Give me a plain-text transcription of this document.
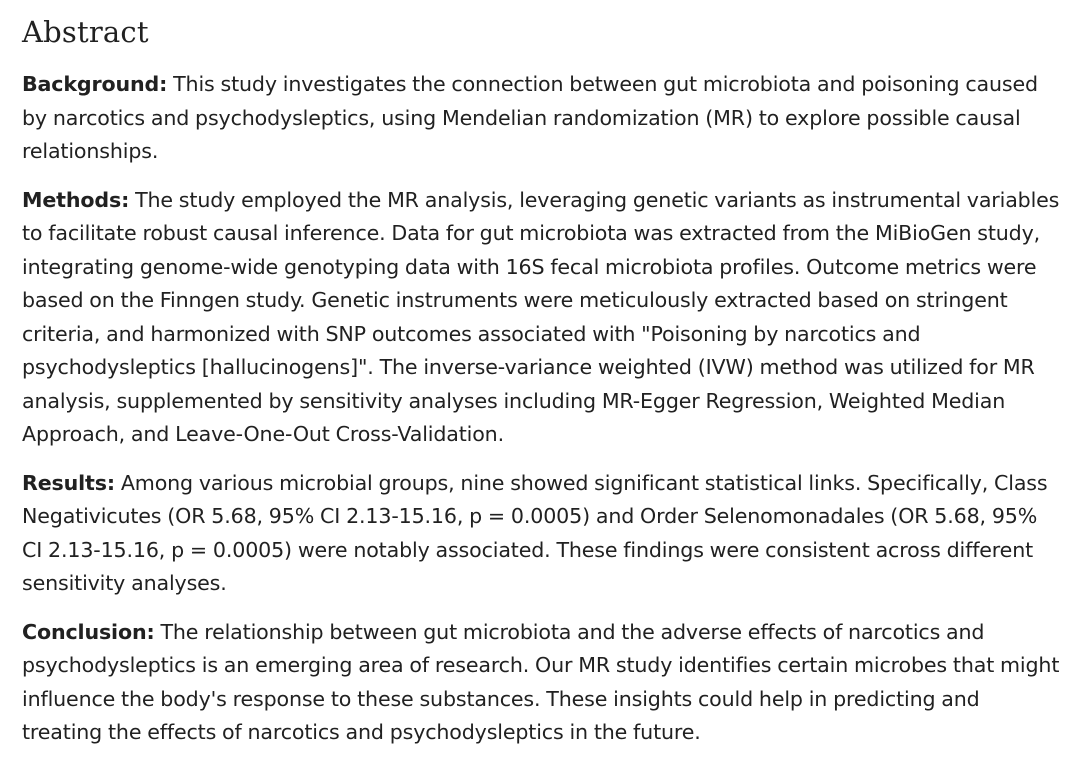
Abstract

Background: This study investigates the connection between gut microbiota and poisoning caused by narcotics and psychodysleptics, using Mendelian randomization (MR) to explore possible causal relationships.

Methods: The study employed the MR analysis, leveraging genetic variants as instrumental variables to facilitate robust causal inference. Data for gut microbiota was extracted from the MiBioGen study, integrating genome-wide genotyping data with 16S fecal microbiota profiles. Outcome metrics were based on the Finngen study. Genetic instruments were meticulously extracted based on stringent criteria, and harmonized with SNP outcomes associated with "Poisoning by narcotics and psychodysleptics [hallucinogens]". The inverse-variance weighted (IVW) method was utilized for MR analysis, supplemented by sensitivity analyses including MR-Egger Regression, Weighted Median Approach, and Leave-One-Out Cross-Validation.

Results: Among various microbial groups, nine showed significant statistical links. Specifically, Class Negativicutes (OR 5.68, 95% CI 2.13-15.16, p = 0.0005) and Order Selenomonadales (OR 5.68, 95% CI 2.13-15.16, p = 0.0005) were notably associated. These findings were consistent across different sensitivity analyses.

Conclusion: The relationship between gut microbiota and the adverse effects of narcotics and psychodysleptics is an emerging area of research. Our MR study identifies certain microbes that might influence the body's response to these substances. These insights could help in predicting and treating the effects of narcotics and psychodysleptics in the future.
